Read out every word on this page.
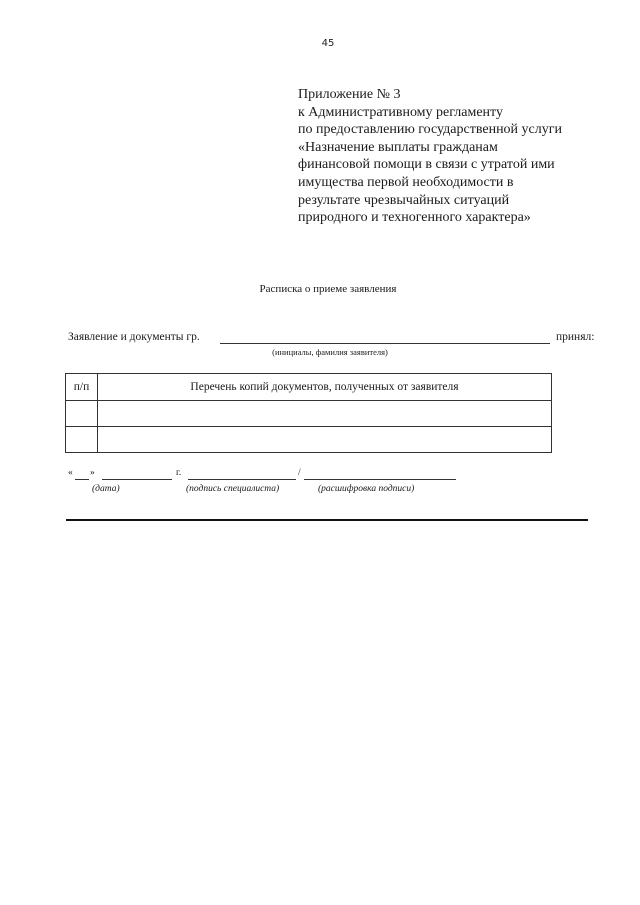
45
Приложение № 3
к Административному регламенту
по предоставлению государственной услуги
«Назначение выплаты гражданам
финансовой помощи в связи с утратой ими
имущества первой необходимости в
результате чрезвычайных ситуаций
природного и техногенного характера»
Расписка о приеме заявления
Заявление и документы гр.	принял:
(инициалы, фамилия заявителя)
п/п	Перечень копий документов, полученных от заявителя

« »	г.	/
(дата)	(подпись специалиста)	(расшифровка подписи)
